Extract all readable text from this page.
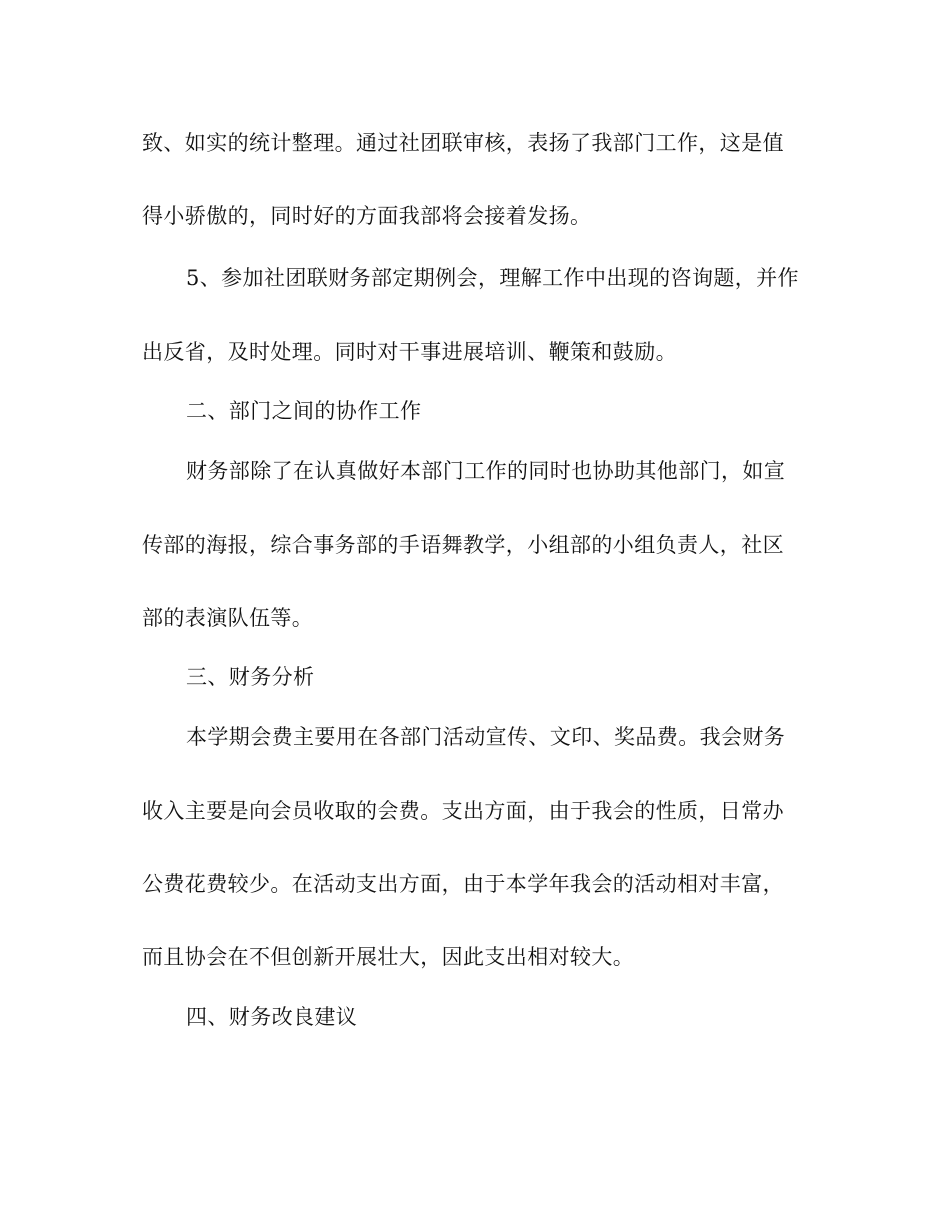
致、如实的统计整理。通过社团联审核，表扬了我部门工作，这是值
得小骄傲的，同时好的方面我部将会接着发扬。
5、参加社团联财务部定期例会，理解工作中出现的咨询题，并作
出反省，及时处理。同时对干事进展培训、鞭策和鼓励。
二、部门之间的协作工作
财务部除了在认真做好本部门工作的同时也协助其他部门，如宣
传部的海报，综合事务部的手语舞教学，小组部的小组负责人，社区
部的表演队伍等。
三、财务分析
本学期会费主要用在各部门活动宣传、文印、奖品费。我会财务
收入主要是向会员收取的会费。支出方面，由于我会的性质，日常办
公费花费较少。在活动支出方面，由于本学年我会的活动相对丰富，
而且协会在不但创新开展壮大，因此支出相对较大。
四、财务改良建议
